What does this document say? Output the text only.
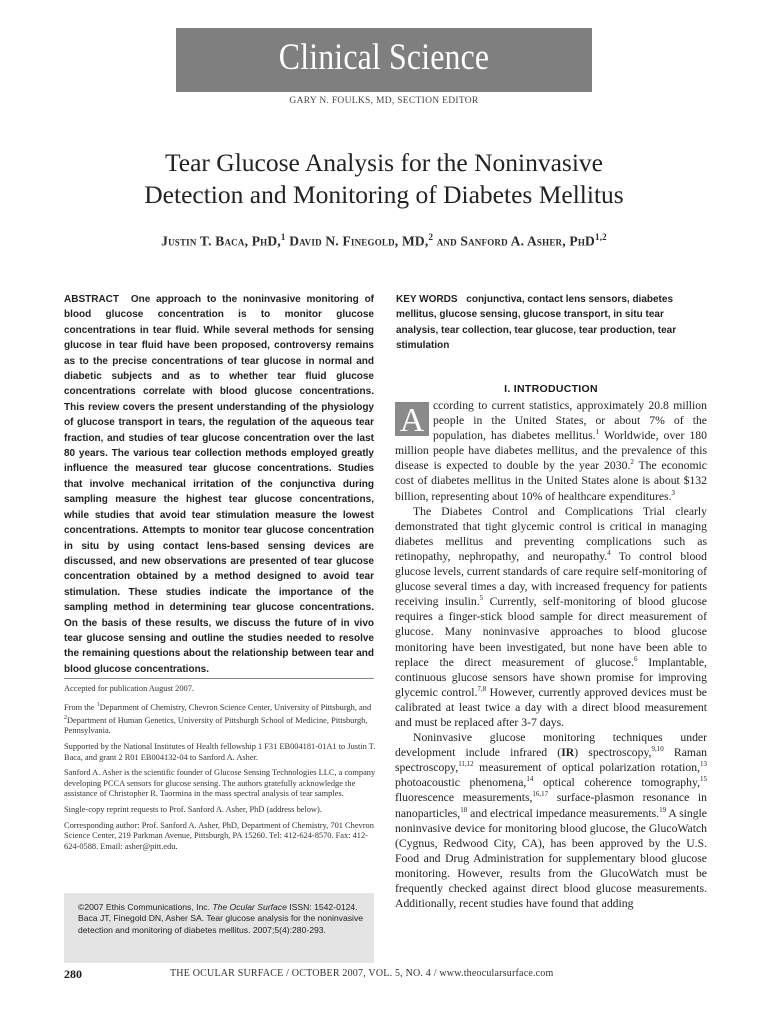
Clinical Science
GARY N. FOULKS, MD, SECTION EDITOR
Tear Glucose Analysis for the Noninvasive
Detection and Monitoring of Diabetes Mellitus
Justin T. Baca, PhD,$^1$ David N. Finegold, MD,$^2$ and Sanford A. Asher, PhD$^{1,2}$
ABSTRACT One approach to the noninvasive monitoring of blood glucose concentration is to monitor glucose concentrations in tear fluid. While several methods for sensing glucose in tear fluid have been proposed, controversy remains as to the precise concentrations of tear glucose in normal and diabetic subjects and as to whether tear fluid glucose concentrations correlate with blood glucose concentrations. This review covers the present understanding of the physiology of glucose transport in tears, the regulation of the aqueous tear fraction, and studies of tear glucose concentration over the last 80 years. The various tear collection methods employed greatly influence the measured tear glucose concentrations. Studies that involve mechanical irritation of the conjunctiva during sampling measure the highest tear glucose concentrations, while studies that avoid tear stimulation measure the lowest concentrations. Attempts to monitor tear glucose concentration in situ by using contact lens-based sensing devices are discussed, and new observations are presented of tear glucose concentration obtained by a method designed to avoid tear stimulation. These studies indicate the importance of the sampling method in determining tear glucose concentrations. On the basis of these results, we discuss the future of in vivo tear glucose sensing and outline the studies needed to resolve the remaining questions about the relationship between tear and blood glucose concentrations.

Accepted for publication August 2007.

From the $^1$Department of Chemistry, Chevron Science Center, University of Pittsburgh, and $^2$Department of Human Genetics, University of Pittsburgh School of Medicine, Pittsburgh, Pennsylvania.

Supported by the National Institutes of Health fellowship 1 F31 EB004181-01A1 to Justin T. Baca, and grant 2 R01 EB004132-04 to Sanford A. Asher.

Sanford A. Asher is the scientific founder of Glucose Sensing Technologies LLC, a company developing PCCA sensors for glucose sensing. The authors gratefully acknowledge the assistance of Christopher R. Taormina in the mass spectral analysis of tear samples.

Single-copy reprint requests to Prof. Sanford A. Asher, PhD (address below).

Corresponding author: Prof. Sanford A. Asher, PhD, Department of Chemistry, 701 Chevron Science Center, 219 Parkman Avenue, Pittsburgh, PA 15260. Tel: 412-624-8570. Fax: 412-624-0588. Email: asher@pitt.edu.

©2007 Ethis Communications, Inc. The Ocular Surface ISSN: 1542-0124. Baca JT, Finegold DN, Asher SA. Tear glucose analysis for the noninvasive detection and monitoring of diabetes mellitus. 2007;5(4):280-293.
KEY WORDS conjunctiva, contact lens sensors, diabetes mellitus, glucose sensing, glucose transport, in situ tear analysis, tear collection, tear glucose, tear production, tear stimulation
I. INTRODUCTION

A ccording to current statistics, approximately 20.8 million people in the United States, or about 7% of the population, has diabetes mellitus.$^1$ Worldwide, over 180 million people have diabetes mellitus, and the prevalence of this disease is expected to double by the year 2030.$^2$ The economic cost of diabetes mellitus in the United States alone is about $132 billion, representing about 10% of healthcare expenditures.$^3$

The Diabetes Control and Complications Trial clearly demonstrated that tight glycemic control is critical in managing diabetes mellitus and preventing complications such as retinopathy, nephropathy, and neuropathy.$^4$ To control blood glucose levels, current standards of care require self-monitoring of glucose several times a day, with increased frequency for patients receiving insulin.$^5$ Currently, self-monitoring of blood glucose requires a finger-stick blood sample for direct measurement of glucose. Many noninvasive approaches to blood glucose monitoring have been investigated, but none have been able to replace the direct measurement of glucose.$^6$ Implantable, continuous glucose sensors have shown promise for improving glycemic control.$^{7,8}$ However, currently approved devices must be calibrated at least twice a day with a direct blood measurement and must be replaced after 3-7 days.

Noninvasive glucose monitoring techniques under development include infrared (IR) spectroscopy,$^{9,10}$ Raman spectroscopy,$^{11,12}$ measurement of optical polarization rotation,$^{13}$ photoacoustic phenomena,$^{14}$ optical coherence tomography,$^{15}$ fluorescence measurements,$^{16,17}$ surface-plasmon resonance in nanoparticles,$^{18}$ and electrical impedance measurements.$^{19}$ A single noninvasive device for monitoring blood glucose, the GlucoWatch (Cygnus, Redwood City, CA), has been approved by the U.S. Food and Drug Administration for supplementary blood glucose monitoring. However, results from the GlucoWatch must be frequently checked against direct blood glucose measurements. Additionally, recent studies have found that adding

280	THE OCULAR SURFACE / OCTOBER 2007, VOL. 5, NO. 4 / www.theocularsurface.com
